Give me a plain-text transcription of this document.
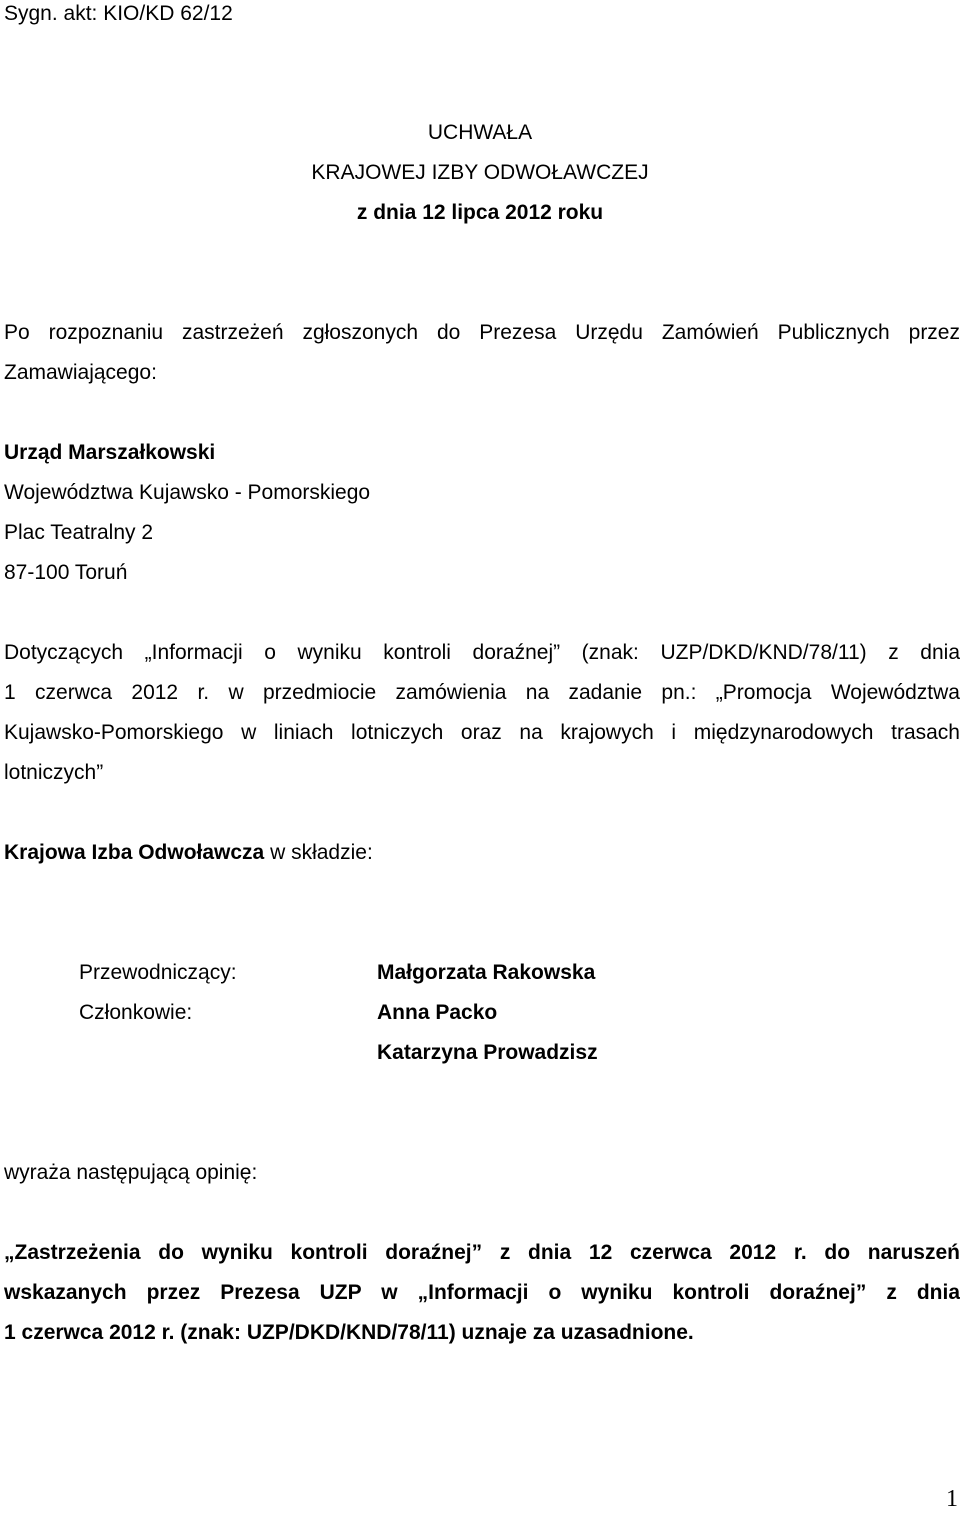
Sygn. akt: KIO/KD 62/12

UCHWAŁA

KRAJOWEJ IZBY ODWOŁAWCZEJ

z dnia 12 lipca 2012 roku

Po rozpoznaniu zastrzeżeń zgłoszonych do Prezesa Urzędu Zamówień Publicznych przez

Zamawiającego:

Urząd Marszałkowski

Województwa Kujawsko - Pomorskiego

Plac Teatralny 2

87-100 Toruń

Dotyczących „Informacji o wyniku kontroli doraźnej” (znak: UZP/DKD/KND/78/11) z dnia

1 czerwca 2012 r. w przedmiocie zamówienia na zadanie pn.: „Promocja Województwa

Kujawsko-Pomorskiego w liniach lotniczych oraz na krajowych i międzynarodowych trasach

lotniczych”

Krajowa Izba Odwoławcza w składzie:

Przewodniczący:	Małgorzata Rakowska

Członkowie:	Anna Packo

Katarzyna Prowadzisz

wyraża następującą opinię:

„Zastrzeżenia do wyniku kontroli doraźnej” z dnia 12 czerwca 2012 r. do naruszeń

wskazanych przez Prezesa UZP w „Informacji o wyniku kontroli doraźnej” z dnia

1 czerwca 2012 r. (znak: UZP/DKD/KND/78/11) uznaje za uzasadnione.

1
